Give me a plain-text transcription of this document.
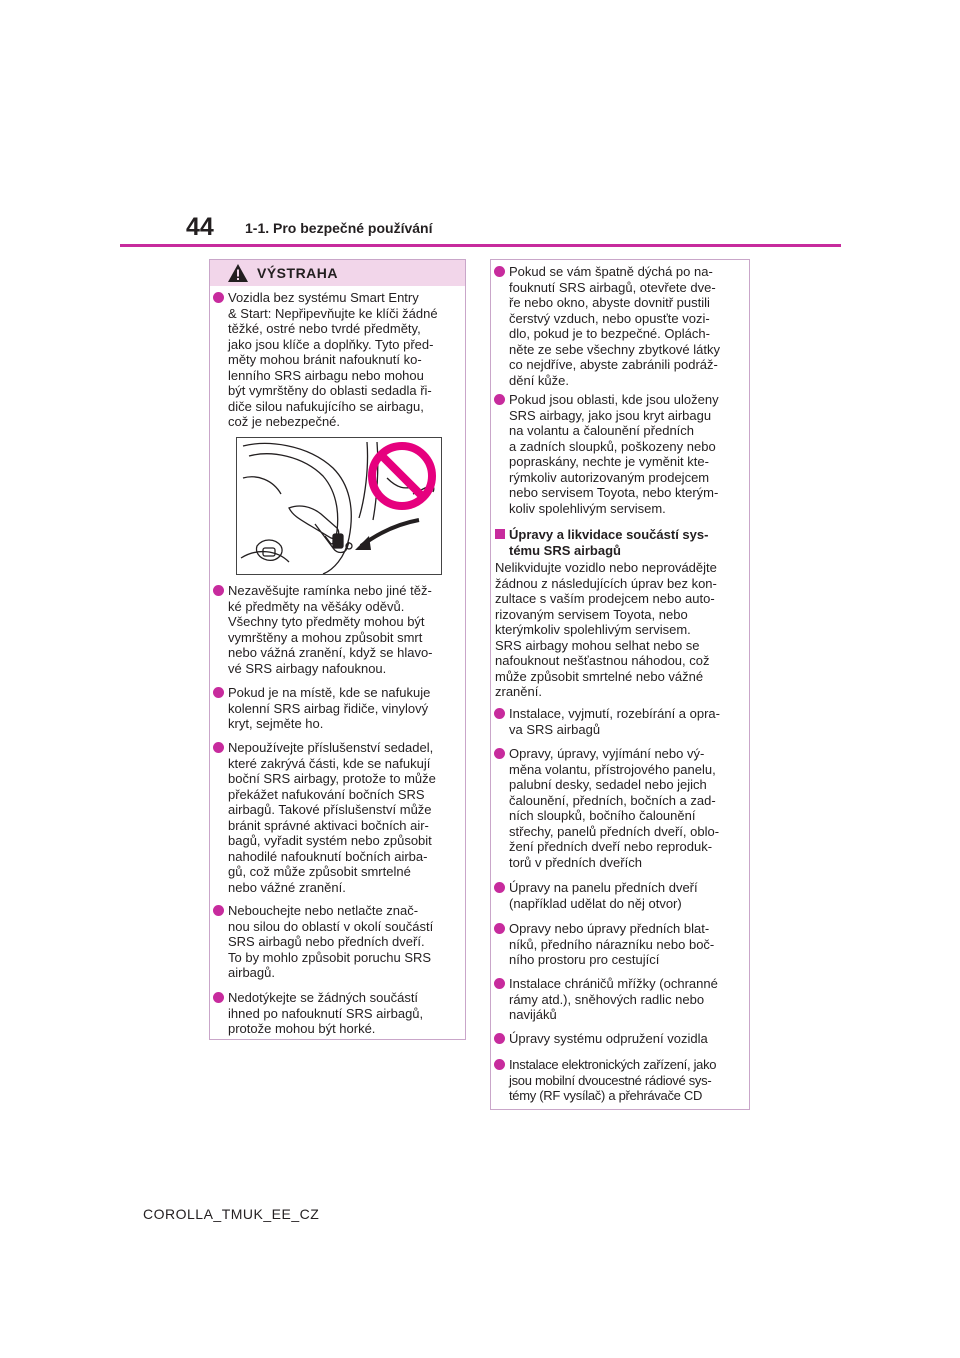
44 1-1. Pro bezpečné používání
VÝSTRAHA
Vozidla bez systému Smart Entry
& Start: Nepřipevňujte ke klíči žádné
těžké, ostré nebo tvrdé předměty,
jako jsou klíče a doplňky. Tyto před-
měty mohou bránit nafouknutí ko-
lenního SRS airbagu nebo mohou
být vymrštěny do oblasti sedadla ři-
diče silou nafukujícího se airbagu,
což je nebezpečné.
Nezavěšujte ramínka nebo jiné těž-
ké předměty na věšáky oděvů.
Všechny tyto předměty mohou být
vymrštěny a mohou způsobit smrt
nebo vážná zranění, když se hlavo-
vé SRS airbagy nafouknou.
Pokud je na místě, kde se nafukuje
kolenní SRS airbag řidiče, vinylový
kryt, sejměte ho.
Nepoužívejte příslušenství sedadel,
které zakrývá části, kde se nafukují
boční SRS airbagy, protože to může
překážet nafukování bočních SRS
airbagů. Takové příslušenství může
bránit správné aktivaci bočních air-
bagů, vyřadit systém nebo způsobit
nahodilé nafouknutí bočních airba-
gů, což může způsobit smrtelné
nebo vážné zranění.
Nebouchejte nebo netlačte znač-
nou silou do oblastí v okolí součástí
SRS airbagů nebo předních dveří.
To by mohlo způsobit poruchu SRS
airbagů.
Nedotýkejte se žádných součástí
ihned po nafouknutí SRS airbagů,
protože mohou být horké.
Pokud se vám špatně dýchá po na-
fouknutí SRS airbagů, otevřete dve-
ře nebo okno, abyste dovnitř pustili
čerstvý vzduch, nebo opusťte vozi-
dlo, pokud je to bezpečné. Oplách-
něte ze sebe všechny zbytkové látky
co nejdříve, abyste zabránili podráž-
dění kůže.
Pokud jsou oblasti, kde jsou uloženy
SRS airbagy, jako jsou kryt airbagu
na volantu a čalounění předních
a zadních sloupků, poškozeny nebo
popraskány, nechte je vyměnit kte-
rýmkoliv autorizovaným prodejcem
nebo servisem Toyota, nebo kterým-
koliv spolehlivým servisem.
Úpravy a likvidace součástí sys-
tému SRS airbagů
Nelikvidujte vozidlo nebo neprovádějte
žádnou z následujících úprav bez kon-
zultace s vaším prodejcem nebo auto-
rizovaným servisem Toyota, nebo
kterýmkoliv spolehlivým servisem.
SRS airbagy mohou selhat nebo se
nafouknout nešťastnou náhodou, což
může způsobit smrtelné nebo vážné
zranění.
Instalace, vyjmutí, rozebírání a opra-
va SRS airbagů
Opravy, úpravy, vyjímání nebo vý-
měna volantu, přístrojového panelu,
palubní desky, sedadel nebo jejich
čalounění, předních, bočních a zad-
ních sloupků, bočního čalounění
střechy, panelů předních dveří, oblo-
žení předních dveří nebo reproduk-
torů v předních dveřích
Úpravy na panelu předních dveří
(například udělat do něj otvor)
Opravy nebo úpravy předních blat-
níků, předního nárazníku nebo boč-
ního prostoru pro cestující
Instalace chráničů mřížky (ochranné
rámy atd.), sněhových radlic nebo
navijáků
Úpravy systému odpružení vozidla
Instalace elektronických zařízení, jako
jsou mobilní dvoucestné rádiové sys-
témy (RF vysílač) a přehrávače CD
COROLLA_TMUK_EE_CZ
